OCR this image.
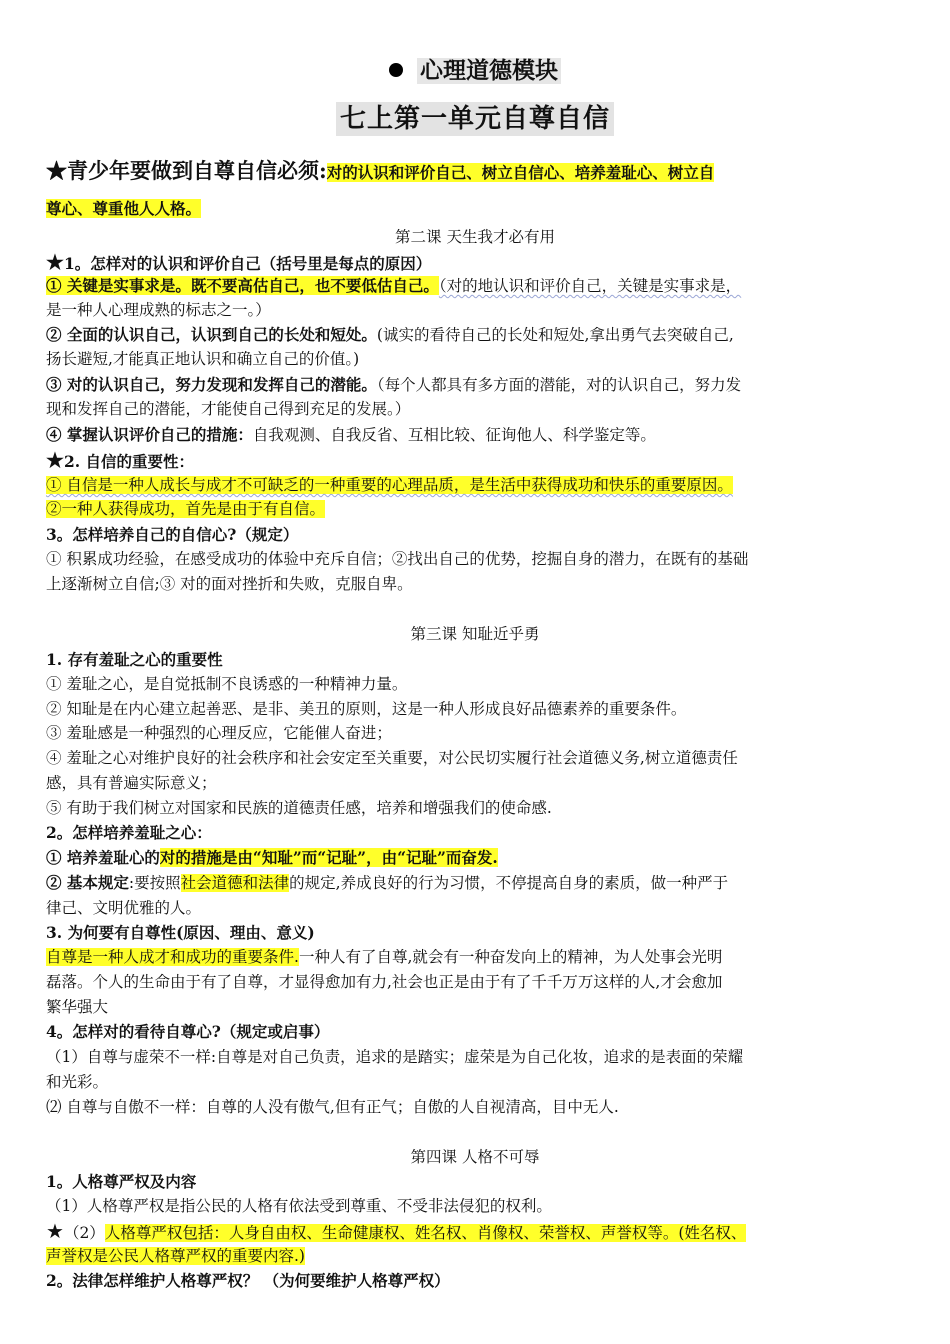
心理道德模块
七上第一单元自尊自信
★青少年要做到自尊自信必须:对的认识和评价自己、树立自信心、培养羞耻心、树立自
尊心、尊重他人人格。
第二课 天生我才必有用
★1。怎样对的认识和评价自己（括号里是每点的原因）
① 关键是实事求是。既不要高估自己，也不要低估自己。（对的地认识和评价自己，关键是实事求是，
是一种人心理成熟的标志之一。）
② 全面的认识自己，认识到自己的长处和短处。(诚实的看待自己的长处和短处,拿出勇气去突破自己,
扬长避短,才能真正地认识和确立自己的价值。)
③ 对的认识自己，努力发现和发挥自己的潜能。（每个人都具有多方面的潜能，对的认识自己，努力发
现和发挥自己的潜能，才能使自己得到充足的发展。）
④ 掌握认识评价自己的措施：自我观测、自我反省、互相比较、征询他人、科学鉴定等。
★2. 自信的重要性：
① 自信是一种人成长与成才不可缺乏的一种重要的心理品质，是生活中获得成功和快乐的重要原因。
②一种人获得成功，首先是由于有自信。
3。怎样培养自己的自信心?（规定）
① 积累成功经验，在感受成功的体验中充斥自信；②找出自己的优势，挖掘自身的潜力，在既有的基础
上逐渐树立自信;③ 对的面对挫折和失败，克服自卑。
第三课 知耻近乎勇
1. 存有羞耻之心的重要性
① 羞耻之心，是自觉抵制不良诱惑的一种精神力量。
② 知耻是在内心建立起善恶、是非、美丑的原则，这是一种人形成良好品德素养的重要条件。
③ 羞耻感是一种强烈的心理反应，它能催人奋进；
④ 羞耻之心对维护良好的社会秩序和社会安定至关重要，对公民切实履行社会道德义务,树立道德责任
感，具有普遍实际意义；
⑤ 有助于我们树立对国家和民族的道德责任感，培养和增强我们的使命感.
2。怎样培养羞耻之心：
① 培养羞耻心的对的措施是由“知耻”而“记耻”，由“记耻”而奋发.
② 基本规定:要按照社会道德和法律的规定,养成良好的行为习惯，不停提高自身的素质，做一种严于
律己、文明优雅的人。
3. 为何要有自尊性(原因、理由、意义)
自尊是一种人成才和成功的重要条件.一种人有了自尊,就会有一种奋发向上的精神，为人处事会光明
磊落。个人的生命由于有了自尊，才显得愈加有力,社会也正是由于有了千千万万这样的人,才会愈加
繁华强大
4。怎样对的看待自尊心?（规定或启事）
（1）自尊与虚荣不一样:自尊是对自己负责，追求的是踏实；虚荣是为自己化妆，追求的是表面的荣耀
和光彩。
⑵ 自尊与自傲不一样：自尊的人没有傲气,但有正气；自傲的人自视清高，目中无人.
第四课 人格不可辱
1。人格尊严权及内容
（1）人格尊严权是指公民的人格有依法受到尊重、不受非法侵犯的权利。
★（2）人格尊严权包括：人身自由权、生命健康权、姓名权、肖像权、荣誉权、声誉权等。(姓名权、
声誉权是公民人格尊严权的重要内容.)
2。法律怎样维护人格尊严权？ （为何要维护人格尊严权）
